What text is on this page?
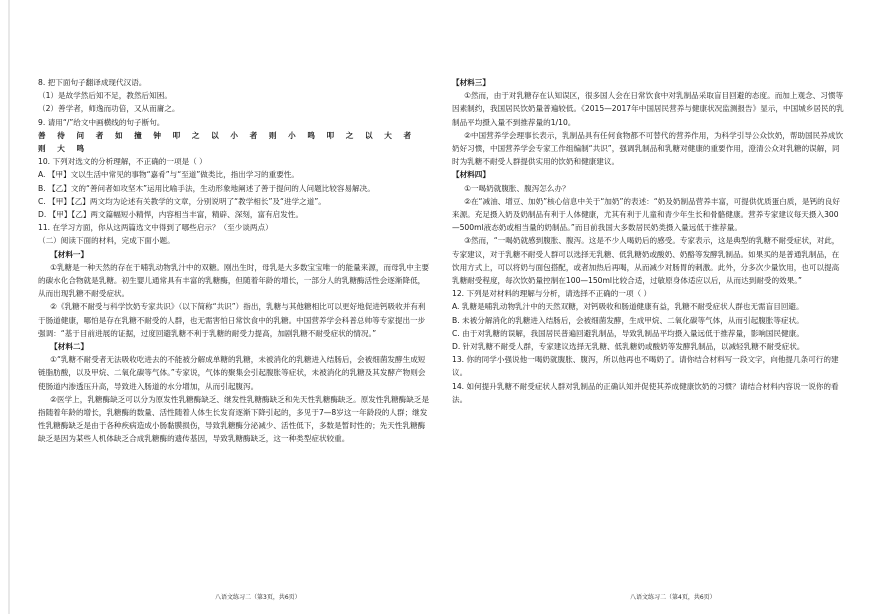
8. 把下面句子翻译成现代汉语。

（1）是故学然后知不足，教然后知困。

（2）善学者，师逸而功倍，又从而庸之。

9. 请用“/”给文中画横线的句子断句。

善 待 问 者 如 撞 钟 叩 之 以 小 者 则 小 鸣 叩 之 以 大 者 则 大 鸣

10. 下列对选文的分析理解，不正确的一项是（ ）

A. 【甲】文以生活中常见的事物“嘉肴”与“至道”做类比，指出学习的重要性。

B. 【乙】文的“善问者如攻坚木”运用比喻手法，生动形象地阐述了善于提问的人问题比较容易解决。

C. 【甲】【乙】两文均为论述有关教学的文章，分别说明了“教学相长”及“进学之道”。

D. 【甲】【乙】两文篇幅短小精悍，内容相当丰富，精辟、深刻，富有启发性。

11. 在学习方面，你从这两篇选文中得到了哪些启示？（至少谈两点）

（二）阅读下面的材料，完成下面小题。

【材料一】

①乳糖是一种天然的存在于哺乳动物乳汁中的双糖。刚出生时，母乳是大多数宝宝唯一的能量来源，而母乳中主要的碳水化合物就是乳糖。初生婴儿通常具有丰富的乳糖酶，但随着年龄的增长，一部分人的乳糖酶活性会逐渐降低，从而出现乳糖不耐受症状。

②《乳糖不耐受与科学饮奶专家共识》（以下简称“共识”）指出，乳糖与其他糖相比可以更好地促进钙吸收并有利于肠道健康，哪怕是存在乳糖不耐受的人群，也无需害怕日常饮食中的乳糖。中国营养学会科普总帅等专家提出一步强调：“基于目前进展的证据，过度回避乳糖不利于乳糖的耐受力提高，加剧乳糖不耐受症状的情况。”

【材料二】

①“乳糖不耐受者无法吸收吃进去的不能被分解成单糖的乳糖，未被消化的乳糖进入结肠后，会被细菌发酵生成短链脂肪酸，以及甲烷、二氧化碳等气体。”专家说，气体的聚集会引起腹胀等症状，未被消化的乳糖及其发酵产物则会使肠道内渗透压升高，导致进入肠道的水分增加，从而引起腹泻。

②医学上，乳糖酶缺乏可以分为原发性乳糖酶缺乏、继发性乳糖酶缺乏和先天性乳糖酶缺乏。原发性乳糖酶缺乏是指随着年龄的增长，乳糖酶的数量、活性随着人体生长发育逐渐下降引起的，多见于7—8岁这一年龄段的人群；继发性乳糖酶缺乏是由于各种疾病造成小肠黏膜损伤，导致乳糖酶分泌减少、活性低下，多数是暂时性的；先天性乳糖酶缺乏是因为某些人机体缺乏合成乳糖酶的遗传基因，导致乳糖酶缺乏，这一种类型症状较重。

【材料三】

①然而，由于对乳糖存在认知误区，很多国人会在日常饮食中对乳制品采取盲目回避的态度。而加上观念、习惯等因素制约，我国居民饮奶量普遍较低。《2015—2017年中国居民营养与健康状况监测报告》显示，中国城乡居民的乳制品平均摄入量不到推荐量的1/10。

②中国营养学会理事长表示，乳制品具有任何食物都不可替代的营养作用，为科学引导公众饮奶，帮助国民养成饮奶好习惯，中国营养学会专家工作组编制“共识”，强调乳制品和乳糖对健康的重要作用，澄清公众对乳糖的误解，同时为乳糖不耐受人群提供实用的饮奶和健康建议。

【材料四】

①一喝奶就腹胀、腹泻怎么办？

②在“减油、增豆、加奶”核心信息中关于“加奶”的表述：“奶及奶制品营养丰富，可提供优质蛋白质，是钙的良好来源。充足摄入奶及奶制品有利于人体健康，尤其有利于儿童和青少年生长和骨骼健康。营养专家建议每天摄入300—500ml液态奶或相当量的奶制品。”而目前我国大多数居民奶类摄入量远低于推荐量。

③然而，“一喝奶就感到腹胀、腹泻。这是不少人喝奶后的感受。专家表示，这是典型的乳糖不耐受症状，对此，专家建议，对于乳糖不耐受人群可以选择无乳糖、低乳糖奶或酸奶、奶酪等发酵乳制品。如果买的是普通乳制品，在饮用方式上，可以将奶与面包搭配，或者加热后再喝，从而减少对肠胃的刺激。此外，分多次少量饮用，也可以提高乳糖耐受程度，每次饮奶量控制在100—150ml比较合适，过敏原身体适应以后，从而达到耐受的效果。”

12. 下列是对材料的理解与分析，请选择不正确的一项（ ）

A. 乳糖是哺乳动物乳汁中的天然双糖，对钙吸收和肠道健康有益，乳糖不耐受症状人群也无需盲目回避。

B. 未被分解消化的乳糖进入结肠后，会被细菌发酵，生成甲烷、二氧化碳等气体，从而引起腹胀等症状。

C. 由于对乳糖的误解，我国居民普遍回避乳制品，导致乳制品平均摄入量远低于推荐量，影响国民健康。

D. 针对乳糖不耐受人群，专家建议选择无乳糖、低乳糖奶或酸奶等发酵乳制品，以减轻乳糖不耐受症状。

13. 你的同学小强说他一喝奶就腹胀、腹泻，所以他再也不喝奶了。请你结合材料写一段文字，向他提几条可行的建议。

14. 如何提升乳糖不耐受症状人群对乳制品的正确认知并促使其养成健康饮奶的习惯？请结合材料内容说一说你的看法。

八语文练习二（第3页，共6页）	八语文练习二（第4页，共6页）
